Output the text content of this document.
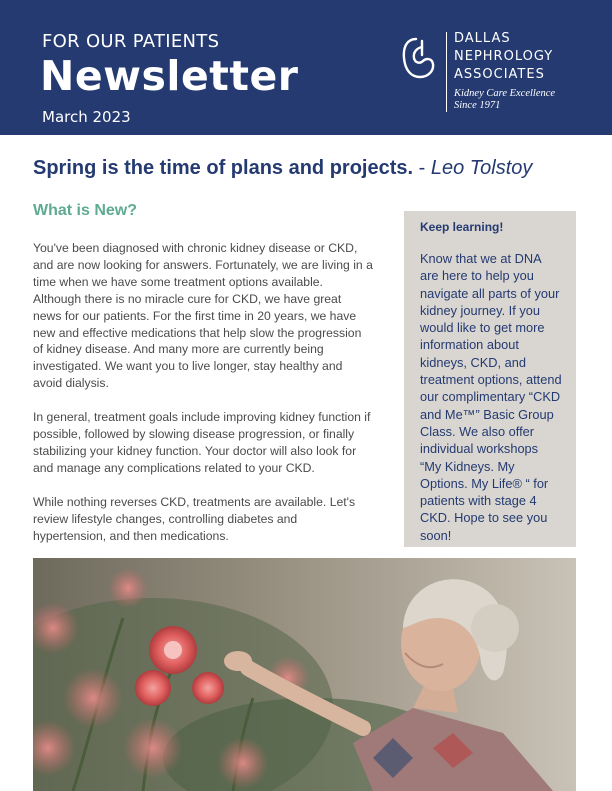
FOR OUR PATIENTS
Newsletter
March 2023
DALLAS
NEPHROLOGY
ASSOCIATES
Kidney Care Excellence
Since 1971
Spring is the time of plans and projects. - Leo Tolstoy
What is New?

You've been diagnosed with chronic kidney disease or CKD, and are now looking for answers. Fortunately, we are living in a time when we have some treatment options available. Although there is no miracle cure for CKD, we have great news for our patients. For the first time in 20 years, we have new and effective medications that help slow the progression of kidney disease. And many more are currently being investigated. We want you to live longer, stay healthy and avoid dialysis.

In general, treatment goals include improving kidney function if possible, followed by slowing disease progression, or finally stabilizing your kidney function. Your doctor will also look for and manage any complications related to your CKD.

While nothing reverses CKD, treatments are available. Let's review lifestyle changes, controlling diabetes and hypertension, and then medications.

Keep learning!

Know that we at DNA are here to help you navigate all parts of your kidney journey. If you would like to get more information about kidneys, CKD, and treatment options, attend our complimentary “CKD and Me™” Basic Group Class. We also offer individual workshops “My Kidneys. My Options. My Life® “ for patients with stage 4 CKD. Hope to see you soon!
